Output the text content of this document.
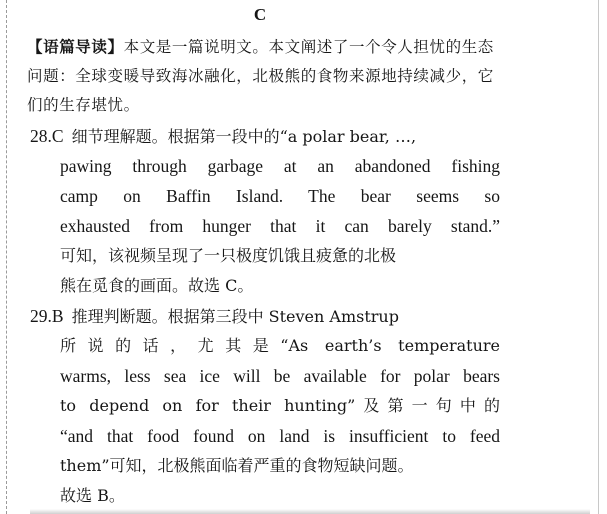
C
【语篇导读】本文是一篇说明文。本文阐述了一个令人担忧的生态问题：全球变暖导致海冰融化，北极熊的食物来源地持续减少，它们的生存堪忧。
28.C 细节理解题。根据第一段中的“a polar bear, …,
pawing through garbage at an abandoned fishing
camp on Baffin Island. The bear seems so
exhausted from hunger that it can barely stand.”
可知，该视频呈现了一只极度饥饿且疲惫的北极
熊在觅食的画面。故选 C。
29.B 推理判断题。根据第三段中 Steven Amstrup
所说的话，尤其是“As earth’s temperature
warms, less sea ice will be available for polar bears
to depend on for their hunting”及第一句中的
“and that food found on land is insufficient to feed
them”可知，北极熊面临着严重的食物短缺问题。
故选 B。
